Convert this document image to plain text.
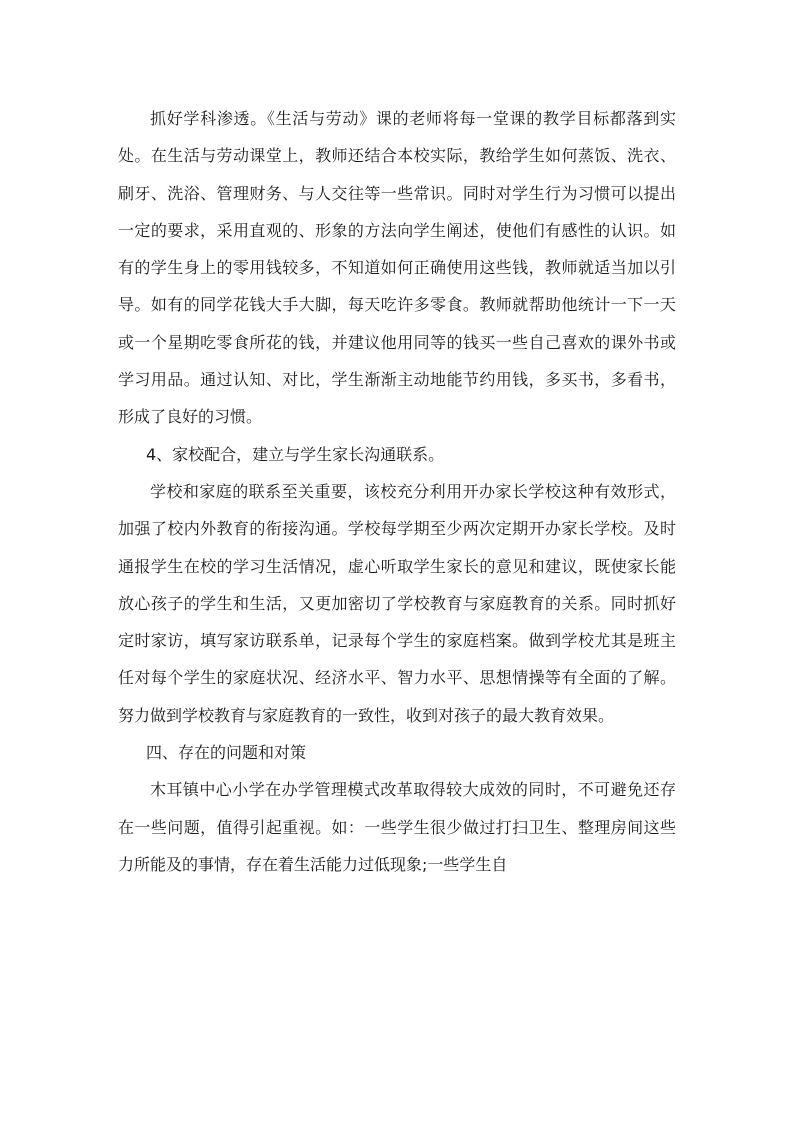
抓好学科渗透。《生活与劳动》课的老师将每一堂课的教学目标都落到实处。在生活与劳动课堂上，教师还结合本校实际，教给学生如何蒸饭、洗衣、刷牙、洗浴、管理财务、与人交往等一些常识。同时对学生行为习惯可以提出一定的要求，采用直观的、形象的方法向学生阐述，使他们有感性的认识。如有的学生身上的零用钱较多，不知道如何正确使用这些钱，教师就适当加以引导。如有的同学花钱大手大脚，每天吃许多零食。教师就帮助他统计一下一天或一个星期吃零食所花的钱，并建议他用同等的钱买一些自己喜欢的课外书或学习用品。通过认知、对比，学生渐渐主动地能节约用钱，多买书，多看书，形成了良好的习惯。

4、家校配合，建立与学生家长沟通联系。

学校和家庭的联系至关重要，该校充分利用开办家长学校这种有效形式，加强了校内外教育的衔接沟通。学校每学期至少两次定期开办家长学校。及时通报学生在校的学习生活情况，虚心听取学生家长的意见和建议，既使家长能放心孩子的学生和生活，又更加密切了学校教育与家庭教育的关系。同时抓好定时家访，填写家访联系单，记录每个学生的家庭档案。做到学校尤其是班主任对每个学生的家庭状况、经济水平、智力水平、思想情操等有全面的了解。努力做到学校教育与家庭教育的一致性，收到对孩子的最大教育效果。

四、存在的问题和对策

木耳镇中心小学在办学管理模式改革取得较大成效的同时，不可避免还存在一些问题，值得引起重视。如：一些学生很少做过打扫卫生、整理房间这些力所能及的事情，存在着生活能力过低现象;一些学生自
